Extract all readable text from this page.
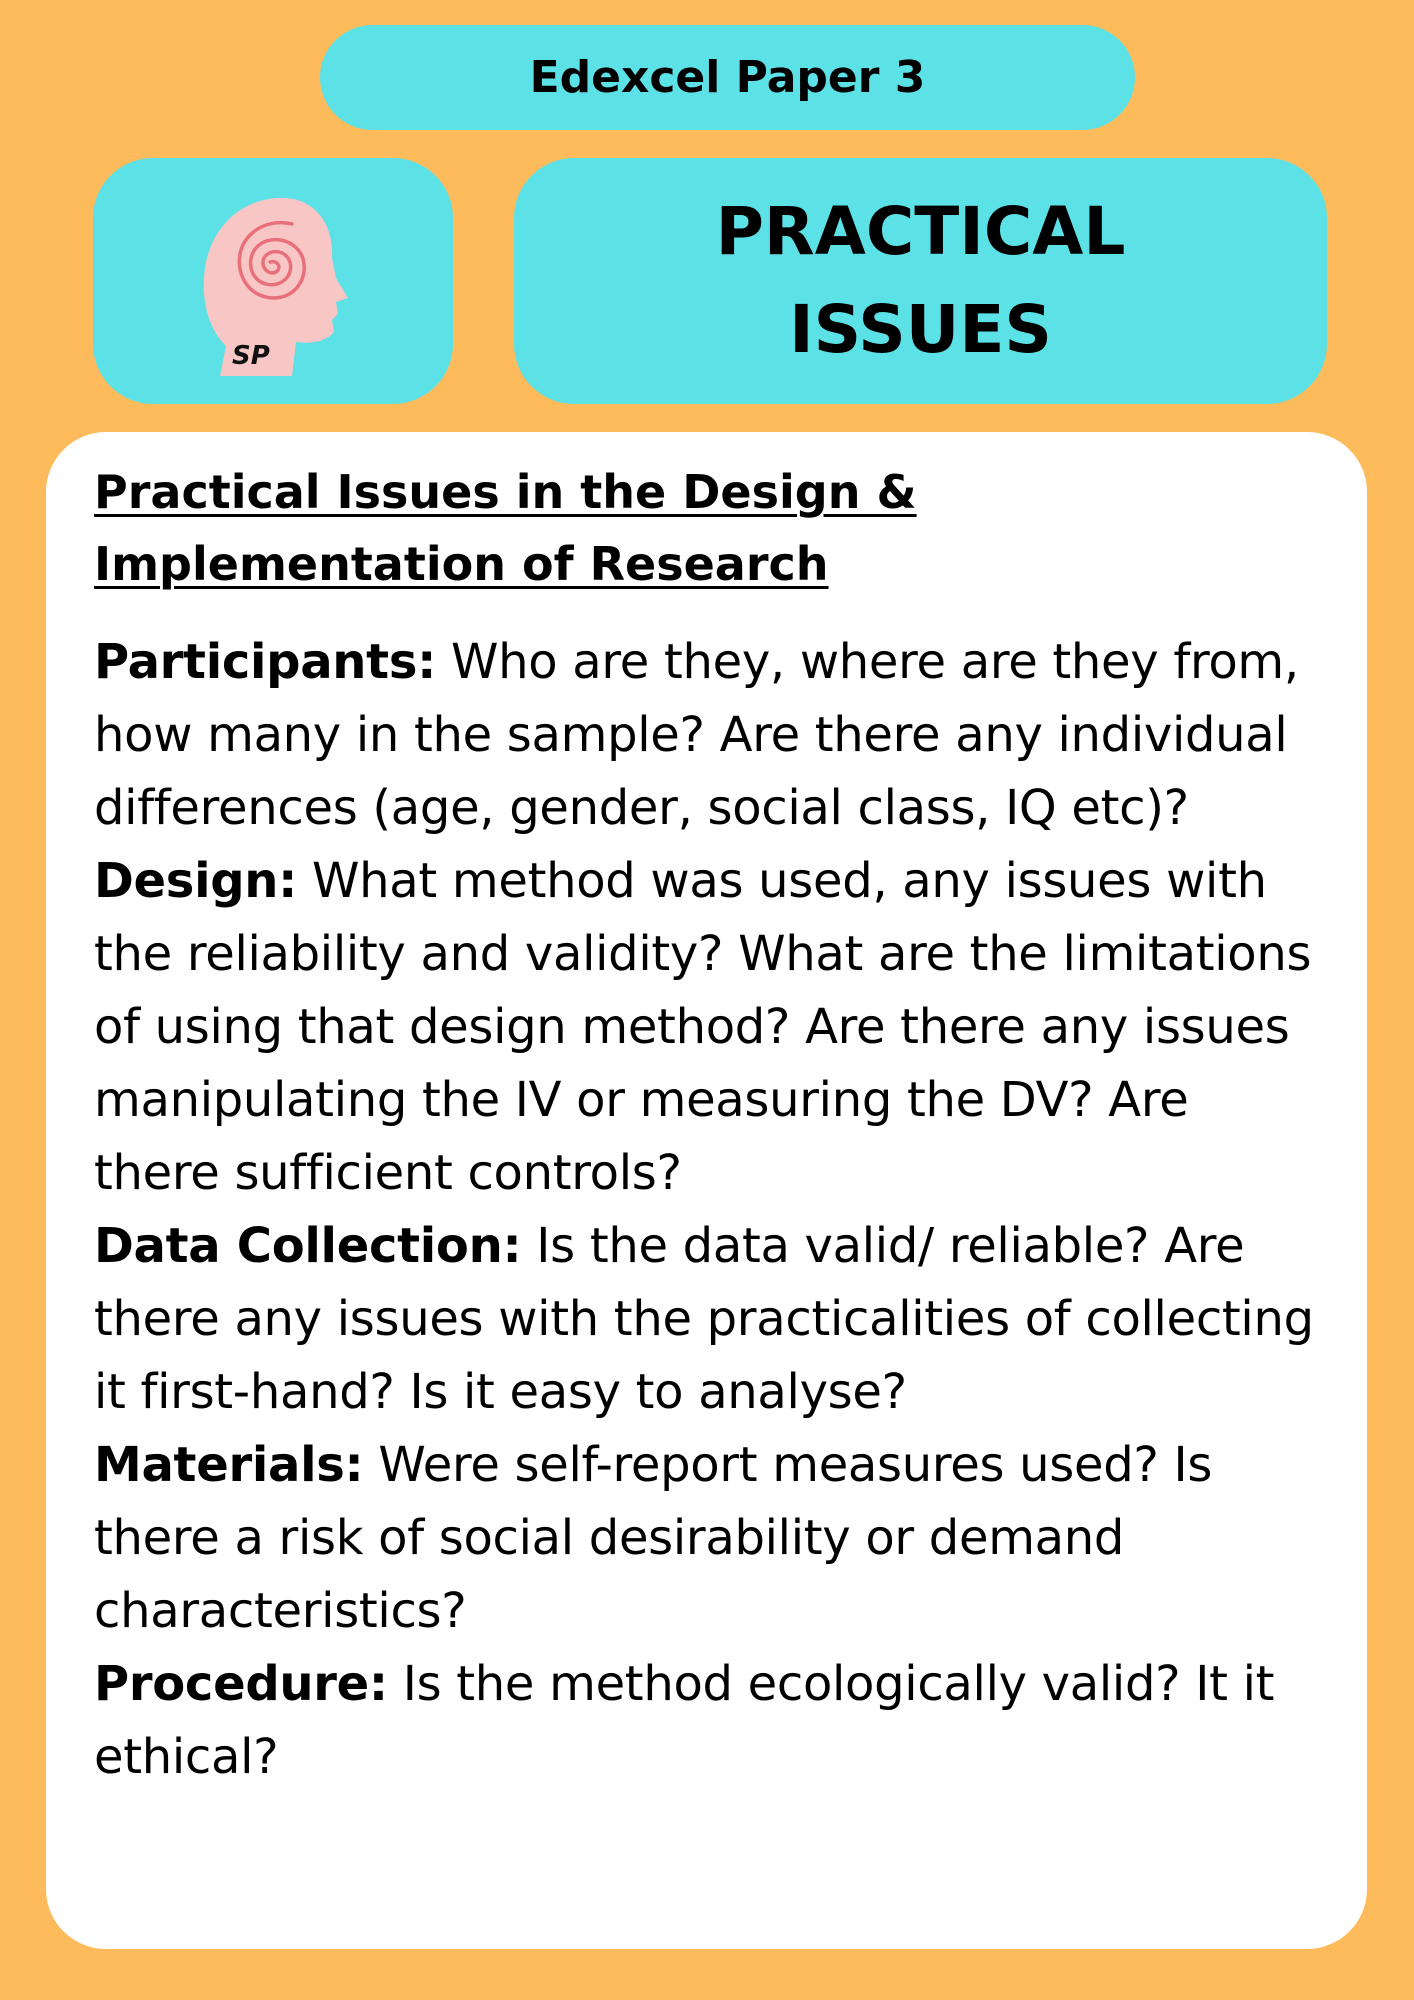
Edexcel Paper 3
SP
PRACTICAL
ISSUES
Practical Issues in the Design &
Implementation of Research

Participants: Who are they, where are they from, how many in the sample? Are there any individual differences (age, gender, social class, IQ etc)?

Design: What method was used, any issues with the reliability and validity? What are the limitations of using that design method? Are there any issues manipulating the IV or measuring the DV? Are there sufficient controls?

Data Collection: Is the data valid/ reliable? Are there any issues with the practicalities of collecting it first-hand? Is it easy to analyse?

Materials: Were self-report measures used? Is there a risk of social desirability or demand characteristics?

Procedure: Is the method ecologically valid? It it ethical?
